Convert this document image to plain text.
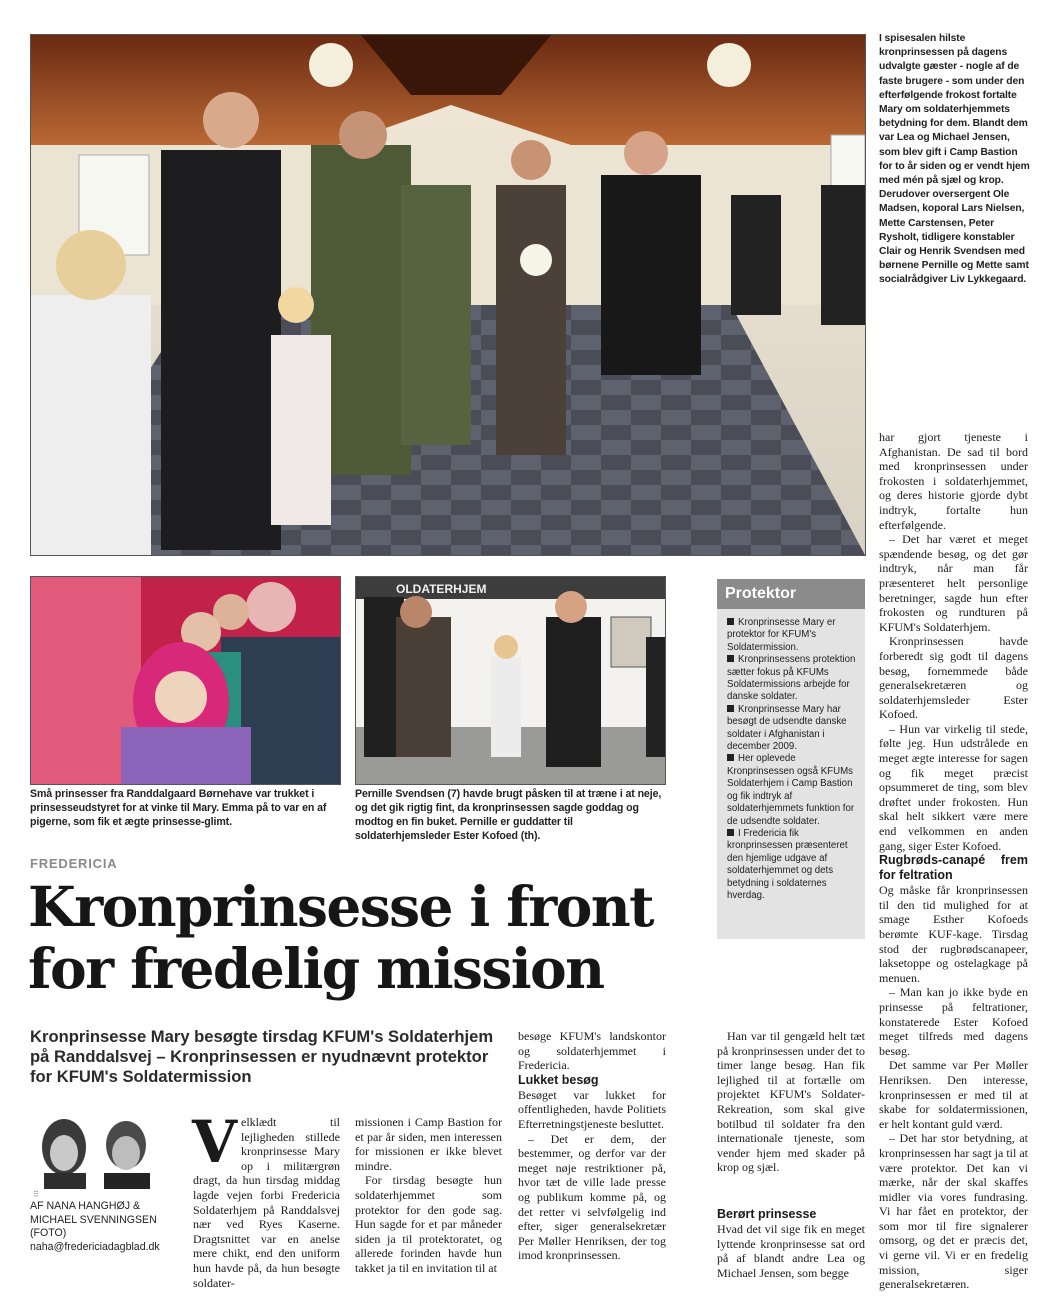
I spisesalen hilste kronprinsessen på dagens udvalgte gæster - nogle af de faste brugere - som under den efterfølgende frokost fortalte Mary om soldaterhjemmets betydning for dem. Blandt dem var Lea og Michael Jensen, som blev gift i Camp Bastion for to år siden og er vendt hjem med mén på sjæl og krop. Derudover oversergent Ole Madsen, koporal Lars Nielsen, Mette Carstensen, Peter Rysholt, tidligere konstabler Clair og Henrik Svendsen med børnene Pernille og Mette samt socialrådgiver Liv Lykkegaard.
Små prinsesser fra Randdalgaard Børnehave var trukket i prinsesseudstyret for at vinke til Mary. Emma på to var en af pigerne, som fik et ægte prinsesse-glimt.
OLDATERHJEM
Pernille Svendsen (7) havde brugt påsken til at træne i at neje, og det gik rigtig fint, da kronprinsessen sagde goddag og modtog en fin buket. Pernille er guddatter til soldaterhjemsleder Ester Kofoed (th).
Protektor

Kronprinsesse Mary er protektor for KFUM's Soldatermission.

Kronprinsessens protektion sætter fokus på KFUMs Soldatermissions arbejde for danske soldater.

Kronprinsesse Mary har besøgt de udsendte danske soldater i Afghanistan i december 2009.

Her oplevede Kronprinsessen også KFUMs Soldaterhjem i Camp Bastion og fik indtryk af soldaterhjemmets funktion for de udsendte soldater.

I Fredericia fik kronprinsessen præsenteret den hjemlige udgave af soldaterhjemmet og dets betydning i soldaternes hverdag.

FREDERICIA
Kronprinsesse i front
for fredelig mission
Kronprinsesse Mary besøgte tirsdag KFUM's Soldaterhjem på Randdalsvej – Kronprinsessen er nyudnævnt protektor for KFUM's Soldatermission
⠿
AF NANA HANGHØJ &
MICHAEL SVENNINGSEN (FOTO)
naha@fredericiadagblad.dk

Velklædt til lejligheden stillede kronprinsesse Mary op i militærgrøn dragt, da hun tirsdag middag lagde vejen forbi Fredericia Soldaterhjem på Randdalsvej nær ved Ryes Kaserne. Dragtsnittet var en anelse mere chikt, end den uniform hun havde på, da hun besøgte soldater-

missionen i Camp Bastion for et par år siden, men interessen for missionen er ikke blevet mindre.

For tirsdag besøgte hun soldaterhjemmet som protektor for den gode sag. Hun sagde for et par måneder siden ja til protektoratet, og allerede forinden havde hun takket ja til en invitation til at

besøge KFUM's landskontor og soldaterhjemmet i Fredericia.

Lukket besøg

Besøget var lukket for offentligheden, havde Politiets Efterretningstjeneste besluttet.

– Det er dem, der bestemmer, og derfor var der meget nøje restriktioner på, hvor tæt de ville lade presse og publikum komme på, og det retter vi selvfølgelig ind efter, siger generalsekretær Per Møller Henriksen, der tog imod kronprinsessen.

Han var til gengæld helt tæt på kronprinsessen under det to timer lange besøg. Han fik lejlighed til at fortælle om projektet KFUM's Soldater-Rekreation, som skal give botilbud til soldater fra den internationale tjeneste, som vender hjem med skader på krop og sjæl.

Berørt prinsesse

Hvad det vil sige fik en meget lyttende kronprinsesse sat ord på af blandt andre Lea og Michael Jensen, som begge

har gjort tjeneste i Afghanistan. De sad til bord med kronprinsessen under frokosten i soldaterhjemmet, og deres historie gjorde dybt indtryk, fortalte hun efterfølgende.

– Det har været et meget spændende besøg, og det gør indtryk, når man får præsenteret helt personlige beretninger, sagde hun efter frokosten og rundturen på KFUM's Soldaterhjem.

Kronprinsessen havde forberedt sig godt til dagens besøg, fornemmede både generalsekretæren og soldaterhjemsleder Ester Kofoed.

– Hun var virkelig til stede, følte jeg. Hun udstrålede en meget ægte interesse for sagen og fik meget præcist opsummeret de ting, som blev drøftet under frokosten. Hun skal helt sikkert være mere end velkommen en anden gang, siger Ester Kofoed.

Rugbrøds-canapé frem for feltration

Og måske får kronprinsessen til den tid mulighed for at smage Esther Kofoeds berømte KUF-kage. Tirsdag stod der rugbrødscanapeer, laksetoppe og ostelagkage på menuen.

– Man kan jo ikke byde en prinsesse på feltrationer, konstaterede Ester Kofoed meget tilfreds med dagens besøg.

Det samme var Per Møller Henriksen. Den interesse, kronprinsessen er med til at skabe for soldatermissionen, er helt kontant guld værd.

– Det har stor betydning, at kronprinsessen har sagt ja til at være protektor. Det kan vi mærke, når der skal skaffes midler via vores fundrasing. Vi har fået en protektor, der som mor til fire signalerer omsorg, og det er præcis det, vi gerne vil. Vi er en fredelig mission, siger generalsekretæren.
